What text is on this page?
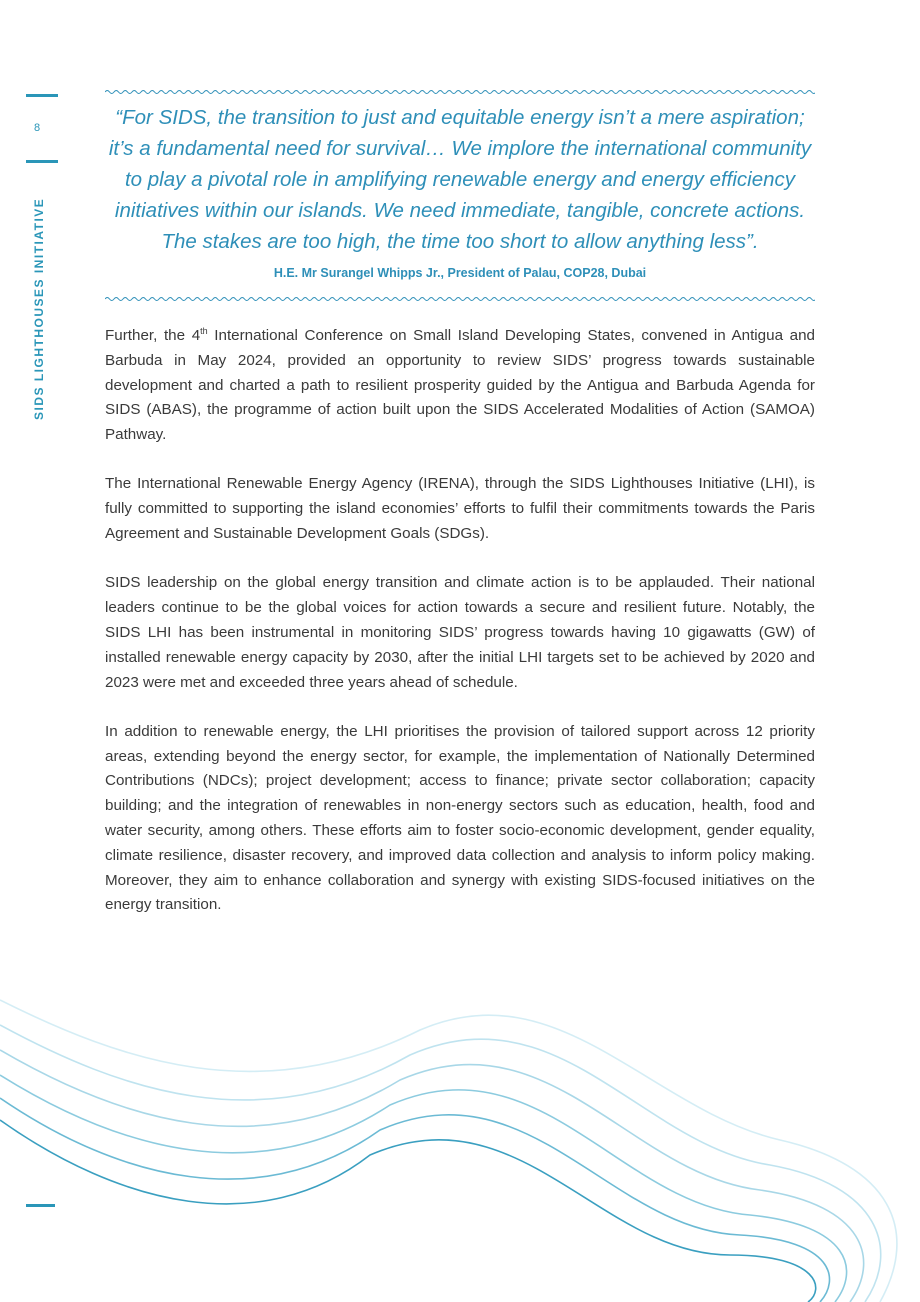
8
SIDS LIGHTHOUSES INITIATIVE
“For SIDS, the transition to just and equitable energy isn’t a mere aspiration; it’s a fundamental need for survival… We implore the international community to play a pivotal role in amplifying renewable energy and energy efficiency initiatives within our islands. We need immediate, tangible, concrete actions. The stakes are too high, the time too short to allow anything less”.
H.E. Mr Surangel Whipps Jr., President of Palau, COP28, Dubai

Further, the 4th International Conference on Small Island Developing States, convened in Antigua and Barbuda in May 2024, provided an opportunity to review SIDS’ progress towards sustainable development and charted a path to resilient prosperity guided by the Antigua and Barbuda Agenda for SIDS (ABAS), the programme of action built upon the SIDS Accelerated Modalities of Action (SAMOA) Pathway.

The International Renewable Energy Agency (IRENA), through the SIDS Lighthouses Initiative (LHI), is fully committed to supporting the island economies’ efforts to fulfil their commitments towards the Paris Agreement and Sustainable Development Goals (SDGs).

SIDS leadership on the global energy transition and climate action is to be applauded. Their national leaders continue to be the global voices for action towards a secure and resilient future. Notably, the SIDS LHI has been instrumental in monitoring SIDS’ progress towards having 10 gigawatts (GW) of installed renewable energy capacity by 2030, after the initial LHI targets set to be achieved by 2020 and 2023 were met and exceeded three years ahead of schedule.

In addition to renewable energy, the LHI prioritises the provision of tailored support across 12 priority areas, extending beyond the energy sector, for example, the implementation of Nationally Determined Contributions (NDCs); project development; access to finance; private sector collaboration; capacity building; and the integration of renewables in non-energy sectors such as education, health, food and water security, among others. These efforts aim to foster socio-economic development, gender equality, climate resilience, disaster recovery, and improved data collection and analysis to inform policy making. Moreover, they aim to enhance collaboration and synergy with existing SIDS-focused initiatives on the energy transition.
